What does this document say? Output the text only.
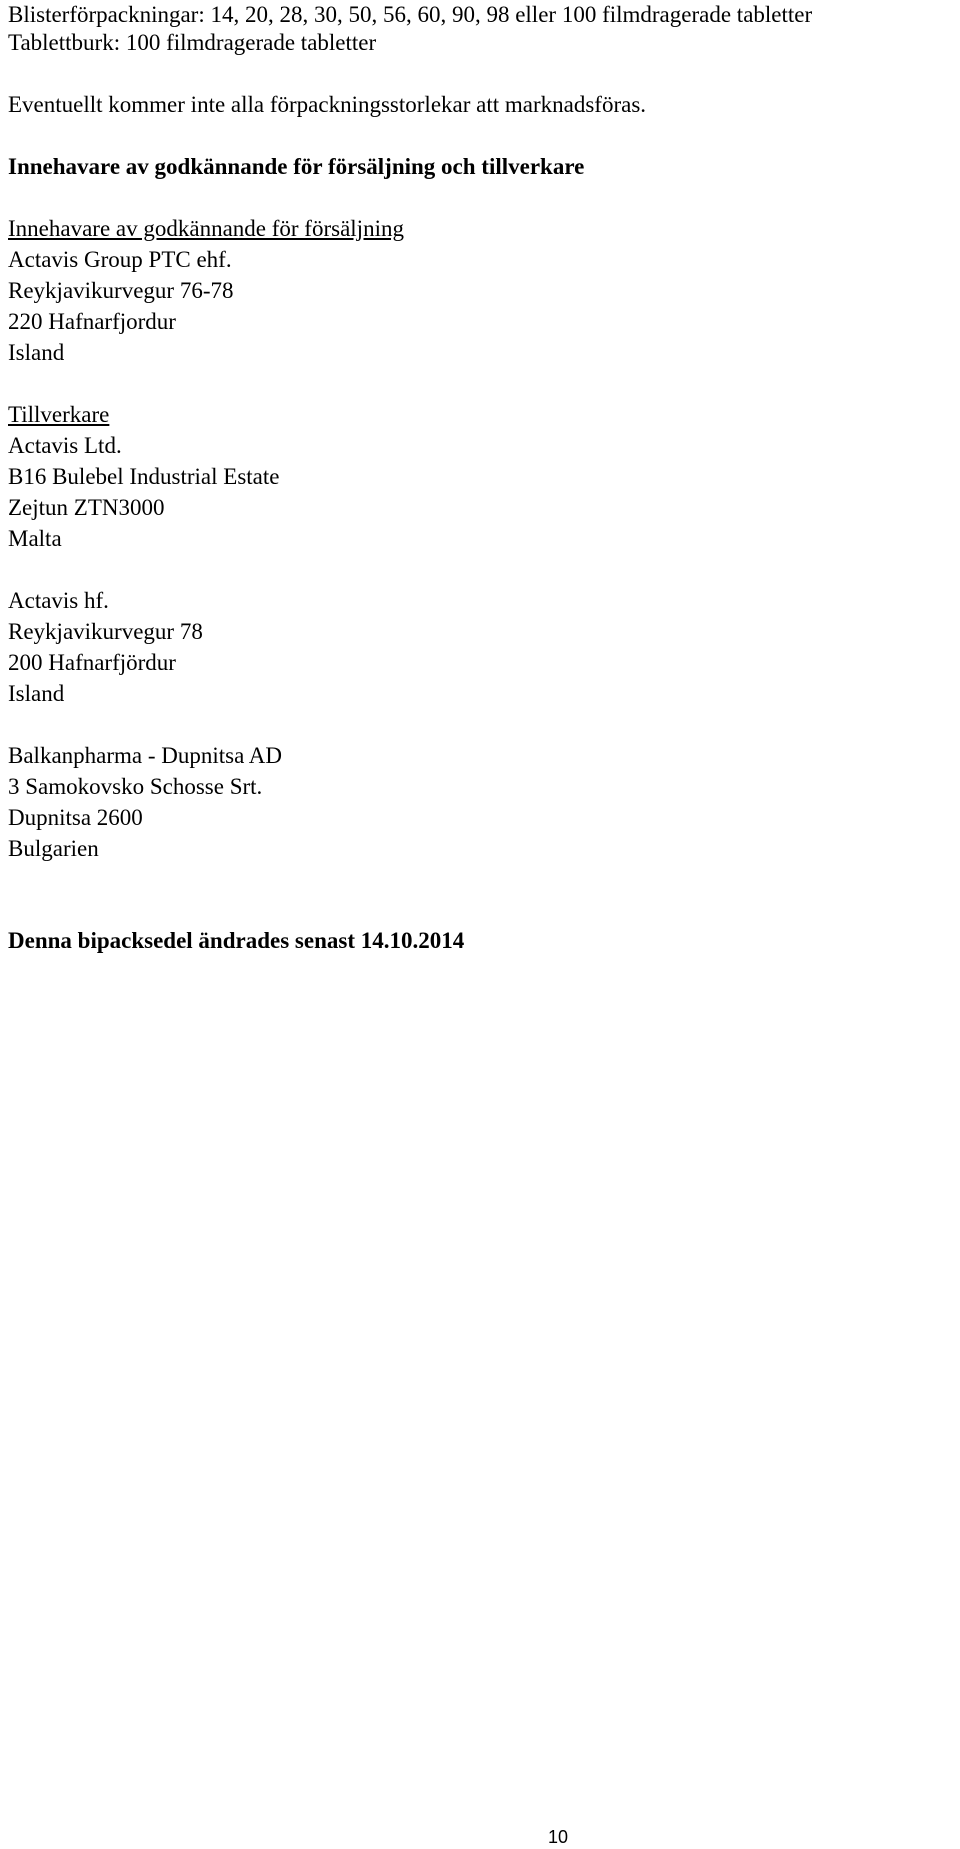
Blisterförpackningar: 14, 20, 28, 30, 50, 56, 60, 90, 98 eller 100 filmdragerade tabletter
Tablettburk: 100 filmdragerade tabletter
Eventuellt kommer inte alla förpackningsstorlekar att marknadsföras.
Innehavare av godkännande för försäljning och tillverkare
Innehavare av godkännande för försäljning
Actavis Group PTC ehf.
Reykjavikurvegur 76-78
220 Hafnarfjordur
Island
Tillverkare
Actavis Ltd.
B16 Bulebel Industrial Estate
Zejtun ZTN3000
Malta
Actavis hf.
Reykjavikurvegur 78
200 Hafnarfjördur
Island
Balkanpharma - Dupnitsa AD
3 Samokovsko Schosse Srt.
Dupnitsa 2600
Bulgarien
Denna bipacksedel ändrades senast 14.10.2014
10
